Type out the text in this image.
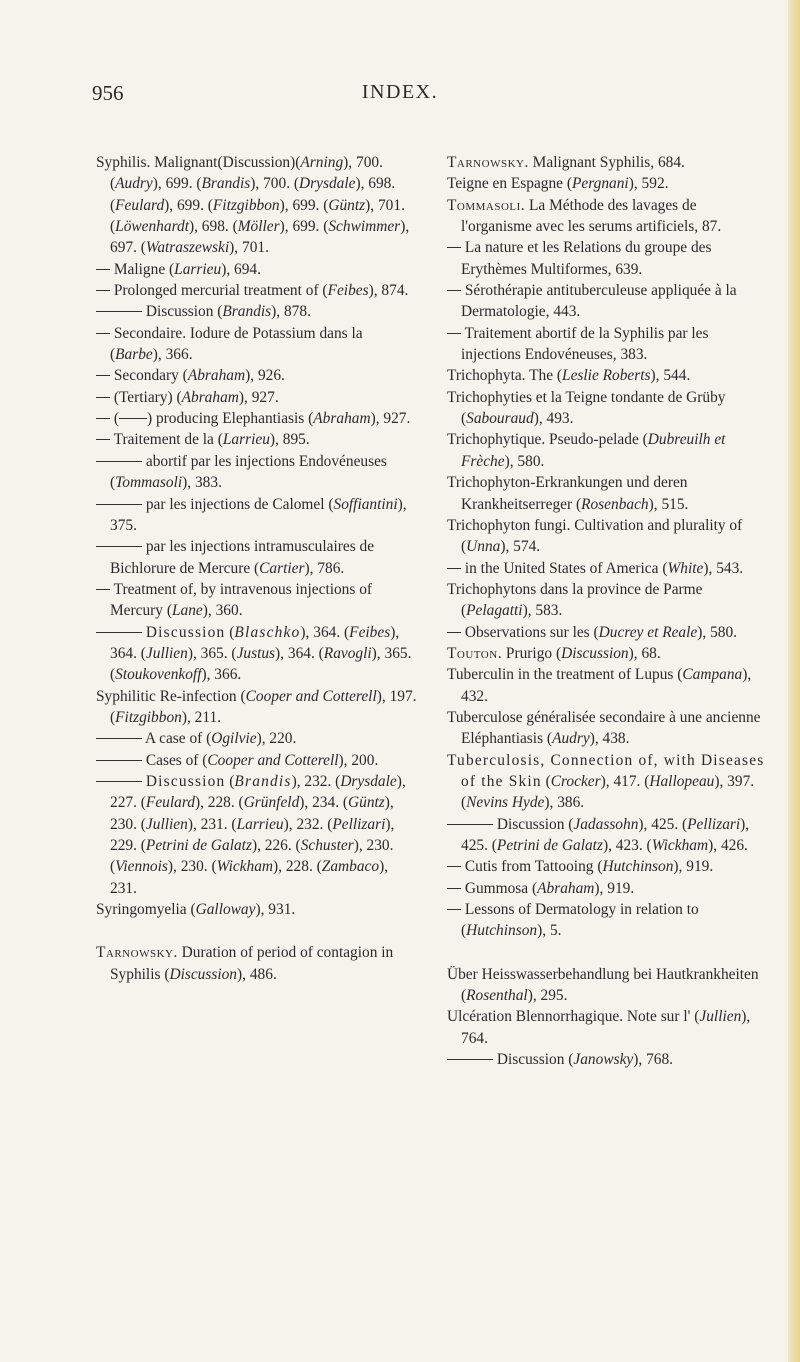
INDEX.
956
Syphilis. Malignant(Discussion)(Arning), 700. (Audry), 699. (Brandis), 700. (Drysdale), 698. (Feulard), 699. (Fitzgibbon), 699. (Güntz), 701. (Löwenhardt), 698. (Möller), 699. (Schwimmer), 697. (Watraszewski), 701.
Maligne (Larrieu), 694.
Prolonged mercurial treatment of (Feibes), 874.
Discussion (Brandis), 878.
Secondaire. Iodure de Potassium dans la (Barbe), 366.
Secondary (Abraham), 926.
(Tertiary) (Abraham), 927.
( ) producing Elephantiasis (Abraham), 927.
Traitement de la (Larrieu), 895.
abortif par les injections Endovéneuses (Tommasoli), 383.
par les injections de Calomel (Soffiantini), 375.
par les injections intramusculaires de Bichlorure de Mercure (Cartier), 786.
Treatment of, by intravenous injections of Mercury (Lane), 360.
Discussion (Blaschko), 364. (Feibes), 364. (Jullien), 365. (Justus), 364. (Ravogli), 365. (Stoukovenkoff), 366.
Syphilitic Re-infection (Cooper and Cotterell), 197. (Fitzgibbon), 211.
A case of (Ogilvie), 220.
Cases of (Cooper and Cotterell), 200.
Discussion (Brandis), 232. (Drysdale), 227. (Feulard), 228. (Grünfeld), 234. (Güntz), 230. (Jullien), 231. (Larrieu), 232. (Pellizari), 229. (Petrini de Galatz), 226. (Schuster), 230. (Viennois), 230. (Wickham), 228. (Zambaco), 231.
Syringomyelia (Galloway), 931.
Tarnowsky. Duration of period of contagion in Syphilis (Discussion), 486.
Tarnowsky. Malignant Syphilis, 684.
Teigne en Espagne (Pergnani), 592.
Tommasoli. La Méthode des lavages de l'organisme avec les serums artificiels, 87.
La nature et les Relations du groupe des Erythèmes Multiformes, 639.
Sérothérapie antituberculeuse appliquée à la Dermatologie, 443.
Traitement abortif de la Syphilis par les injections Endovéneuses, 383.
Trichophyta. The (Leslie Roberts), 544.
Trichophyties et la Teigne tondante de Grüby (Sabouraud), 493.
Trichophytique. Pseudo-pelade (Dubreuilh et Frèche), 580.
Trichophyton-Erkrankungen und deren Krankheitserreger (Rosenbach), 515.
Trichophyton fungi. Cultivation and plurality of (Unna), 574.
in the United States of America (White), 543.
Trichophytons dans la province de Parme (Pelagatti), 583.
Observations sur les (Ducrey et Reale), 580.
Touton. Prurigo (Discussion), 68.
Tuberculin in the treatment of Lupus (Campana), 432.
Tuberculose généralisée secondaire à une ancienne Eléphantiasis (Audry), 438.
Tuberculosis, Connection of, with Diseases of the Skin (Crocker), 417. (Hallopeau), 397. (Nevins Hyde), 386.
Discussion (Jadassohn), 425. (Pellizari), 425. (Petrini de Galatz), 423. (Wickham), 426.
Cutis from Tattooing (Hutchinson), 919.
Gummosa (Abraham), 919.
Lessons of Dermatology in relation to (Hutchinson), 5.
Über Heisswasserbehandlung bei Hautkrankheiten (Rosenthal), 295.
Ulcération Blennorrhagique. Note sur l' (Jullien), 764.
Discussion (Janowsky), 768.
